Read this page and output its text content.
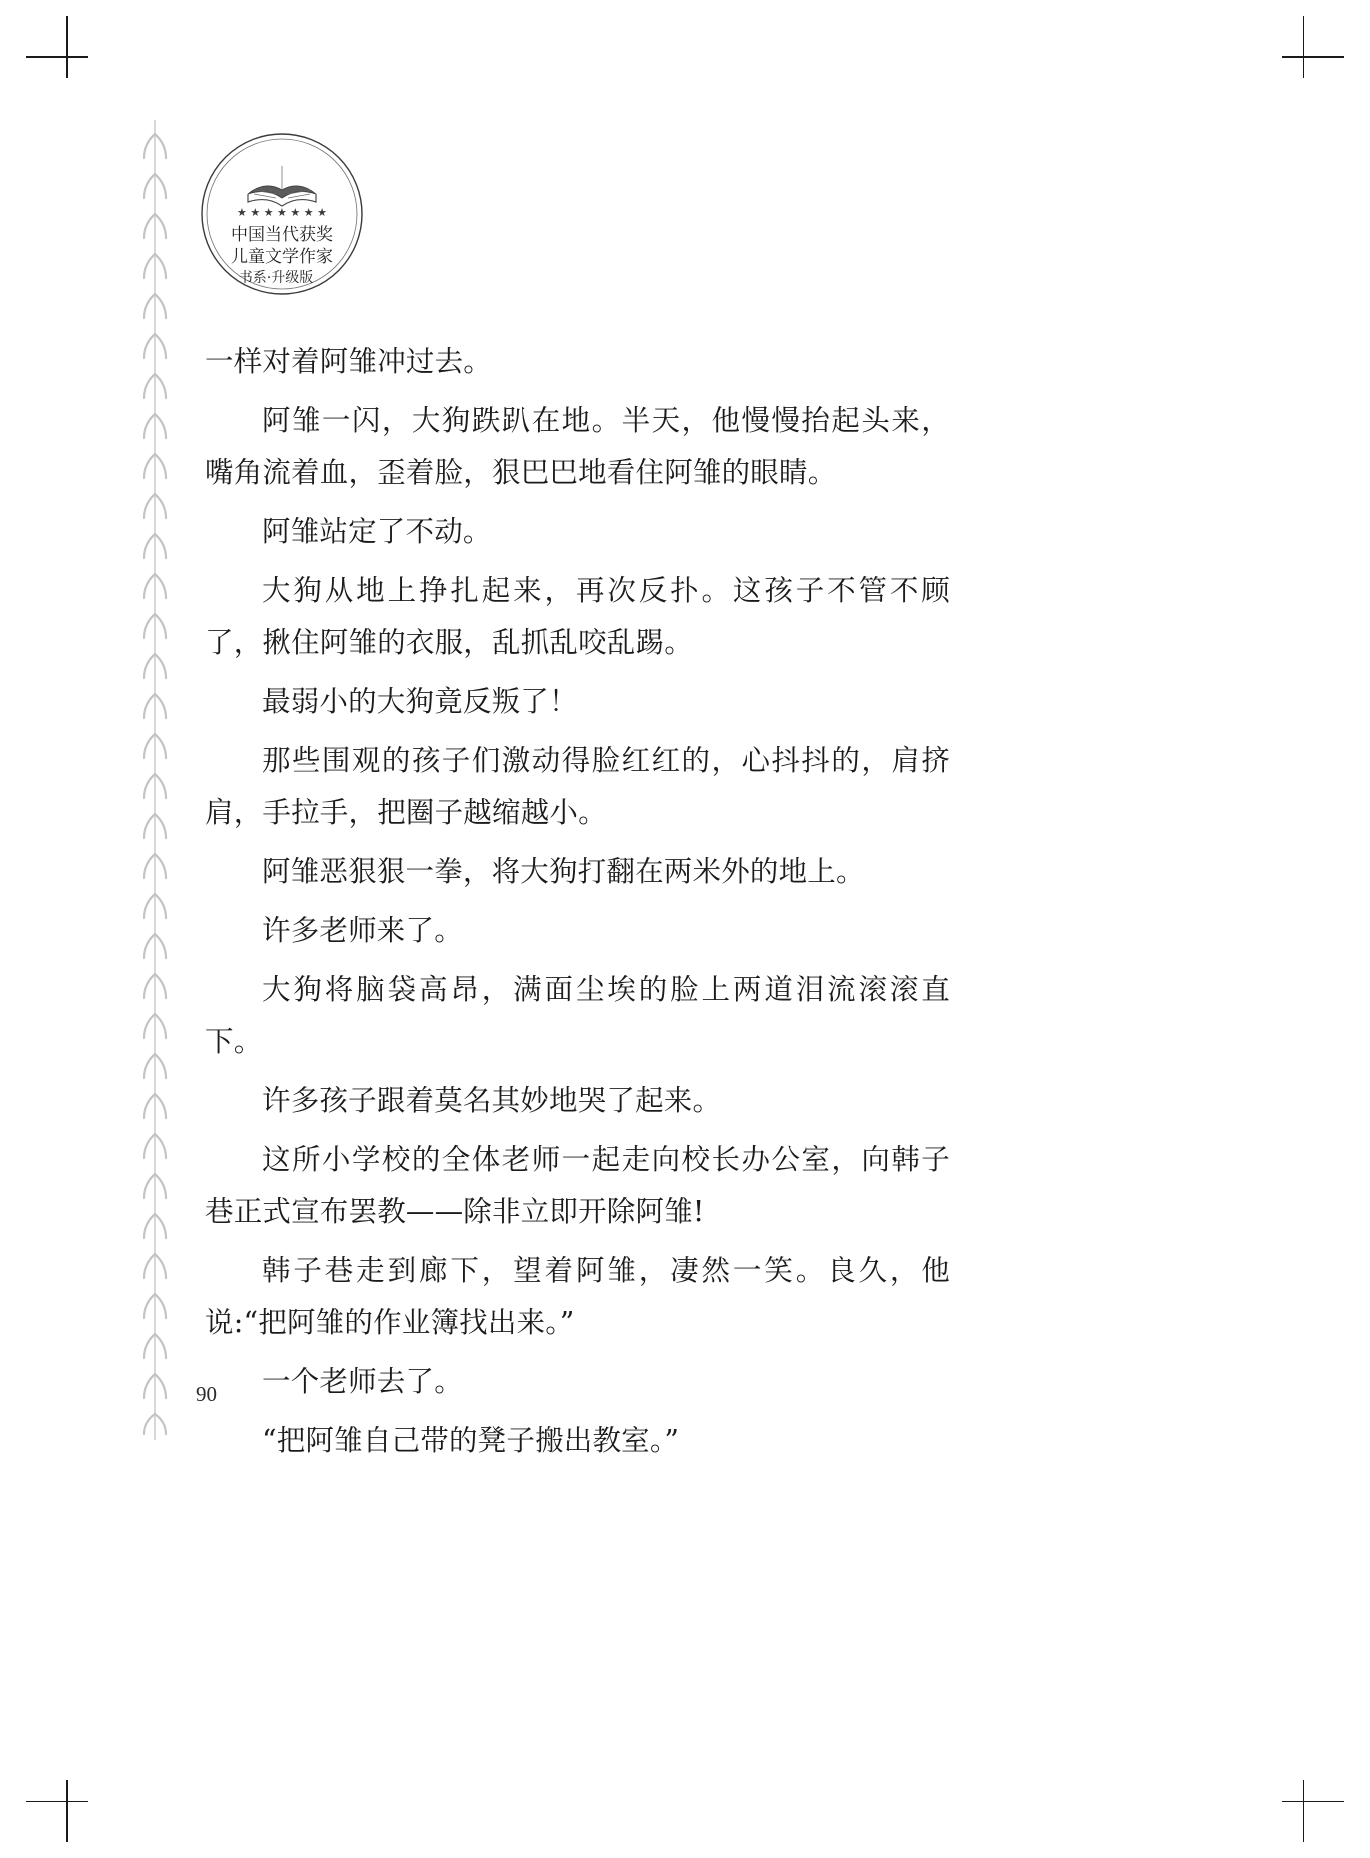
★ ★ ★ ★ ★ ★ ★
中国当代获奖
儿童文学作家
书系·升级版

一样对着阿雏冲过去。

阿雏一闪，大狗跌趴在地。半天，他慢慢抬起头来，嘴角流着血，歪着脸，狠巴巴地看住阿雏的眼睛。

阿雏站定了不动。

大狗从地上挣扎起来，再次反扑。这孩子不管不顾了，揪住阿雏的衣服，乱抓乱咬乱踢。

最弱小的大狗竟反叛了！

那些围观的孩子们激动得脸红红的，心抖抖的，肩挤肩，手拉手，把圈子越缩越小。

阿雏恶狠狠一拳，将大狗打翻在两米外的地上。

许多老师来了。

大狗将脑袋高昂，满面尘埃的脸上两道泪流滚滚直下。

许多孩子跟着莫名其妙地哭了起来。

这所小学校的全体老师一起走向校长办公室，向韩子巷正式宣布罢教——除非立即开除阿雏!

韩子巷走到廊下，望着阿雏，凄然一笑。良久，他说:“把阿雏的作业簿找出来。”

一个老师去了。

“把阿雏自己带的凳子搬出教室。”

90
